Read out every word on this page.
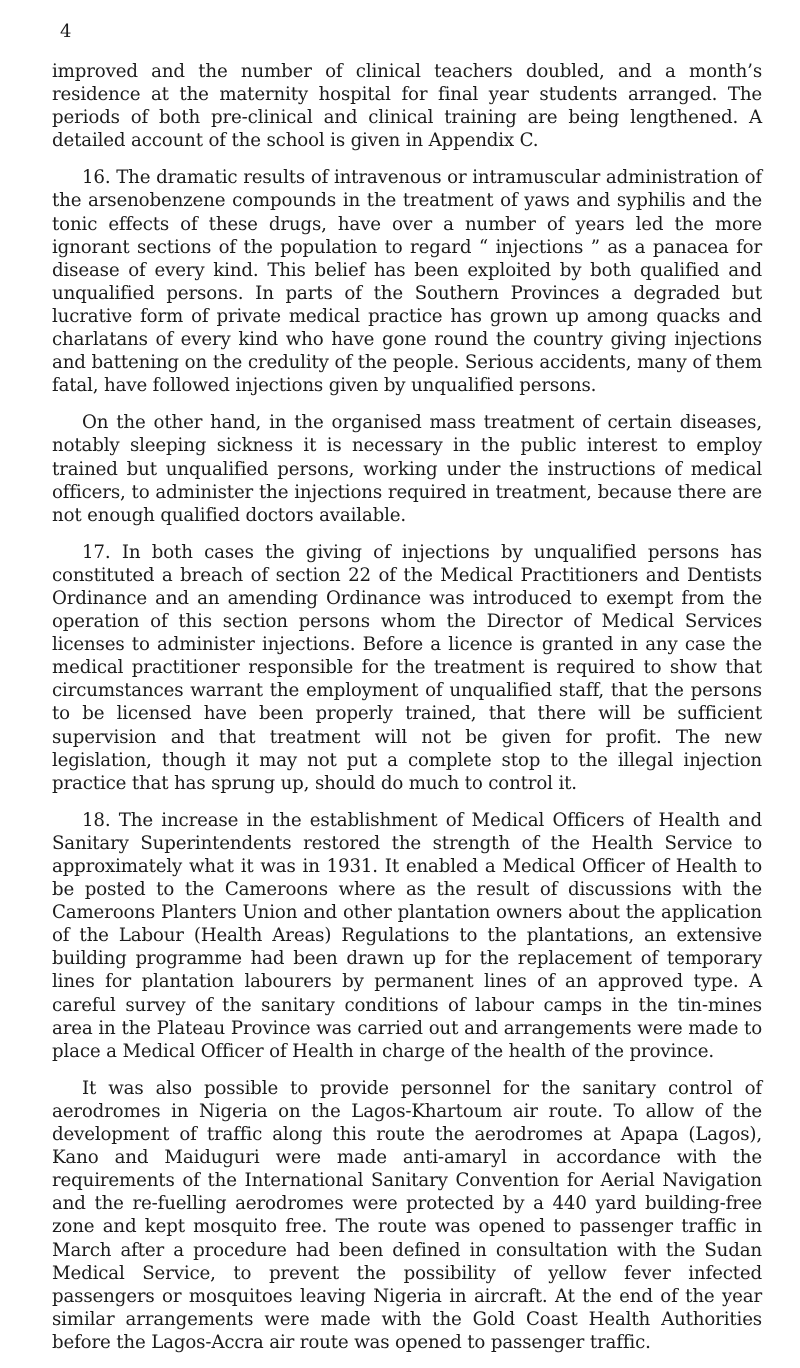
4

improved and the number of clinical teachers doubled, and a month’s residence at the maternity hospital for final year students arranged. The periods of both pre-clinical and clinical training are being lengthened. A detailed account of the school is given in Appendix C.

16. The dramatic results of intravenous or intramuscular administration of the arsenobenzene compounds in the treatment of yaws and syphilis and the tonic effects of these drugs, have over a number of years led the more ignorant sections of the population to regard “ injections ” as a panacea for disease of every kind. This belief has been exploited by both qualified and unqualified persons. In parts of the Southern Provinces a degraded but lucrative form of private medical practice has grown up among quacks and charlatans of every kind who have gone round the country giving injections and battening on the credulity of the people. Serious accidents, many of them fatal, have followed injections given by unqualified persons.

On the other hand, in the organised mass treatment of certain diseases, notably sleeping sickness it is necessary in the public interest to employ trained but unqualified persons, working under the instructions of medical officers, to administer the injections required in treatment, because there are not enough qualified doctors available.

17. In both cases the giving of injections by unqualified persons has constituted a breach of section 22 of the Medical Practitioners and Dentists Ordinance and an amending Ordinance was introduced to exempt from the operation of this section persons whom the Director of Medical Services licenses to administer injections. Before a licence is granted in any case the medical practitioner responsible for the treatment is required to show that circumstances warrant the employment of unqualified staff, that the persons to be licensed have been properly trained, that there will be sufficient supervision and that treatment will not be given for profit. The new legislation, though it may not put a complete stop to the illegal injection practice that has sprung up, should do much to control it.

18. The increase in the establishment of Medical Officers of Health and Sanitary Superintendents restored the strength of the Health Service to approximately what it was in 1931. It enabled a Medical Officer of Health to be posted to the Cameroons where as the result of discussions with the Cameroons Planters Union and other plantation owners about the application of the Labour (Health Areas) Regulations to the plantations, an extensive building programme had been drawn up for the replacement of temporary lines for plantation labourers by permanent lines of an approved type. A careful survey of the sanitary conditions of labour camps in the tin-mines area in the Plateau Province was carried out and arrangements were made to place a Medical Officer of Health in charge of the health of the province.

It was also possible to provide personnel for the sanitary control of aerodromes in Nigeria on the Lagos-Khartoum air route. To allow of the development of traffic along this route the aerodromes at Apapa (Lagos), Kano and Maiduguri were made anti-amaryl in accordance with the requirements of the International Sanitary Convention for Aerial Navigation and the re-fuelling aerodromes were protected by a 440 yard building-free zone and kept mosquito free. The route was opened to passenger traffic in March after a procedure had been defined in consultation with the Sudan Medical Service, to prevent the possibility of yellow fever infected passengers or mosquitoes leaving Nigeria in aircraft. At the end of the year similar arrangements were made with the Gold Coast Health Authorities before the Lagos-Accra air route was opened to passenger traffic.
